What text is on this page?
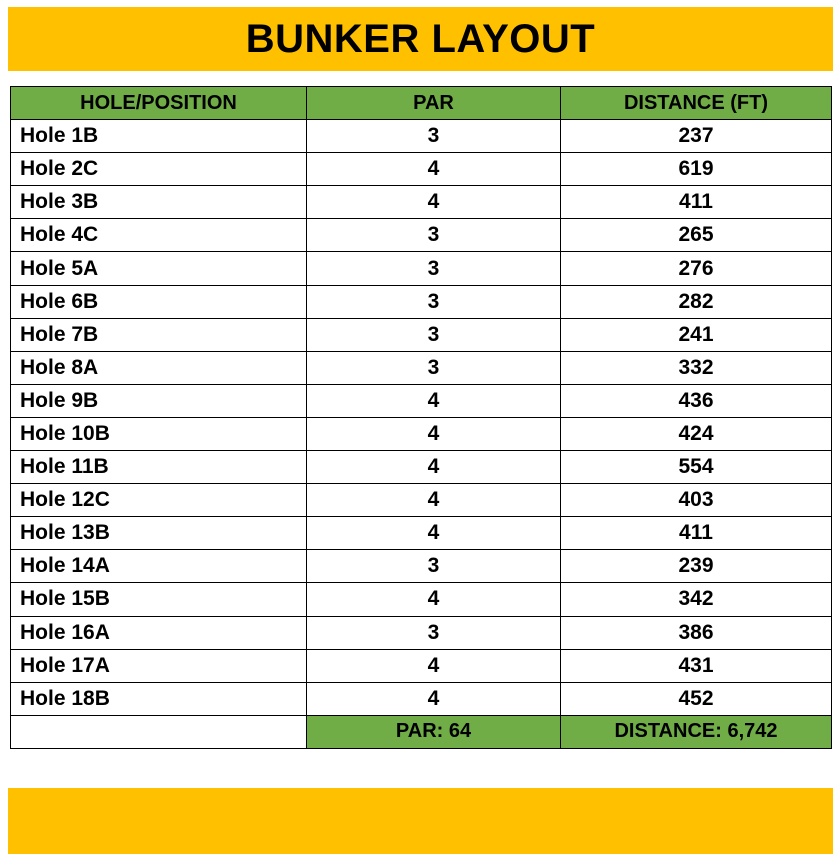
BUNKER LAYOUT
HOLE/POSITION	PAR	DISTANCE (FT)
Hole 1B	3	237
Hole 2C	4	619
Hole 3B	4	411
Hole 4C	3	265
Hole 5A	3	276
Hole 6B	3	282
Hole 7B	3	241
Hole 8A	3	332
Hole 9B	4	436
Hole 10B	4	424
Hole 11B	4	554
Hole 12C	4	403
Hole 13B	4	411
Hole 14A	3	239
Hole 15B	4	342
Hole 16A	3	386
Hole 17A	4	431
Hole 18B	4	452
	PAR: 64	DISTANCE: 6,742
